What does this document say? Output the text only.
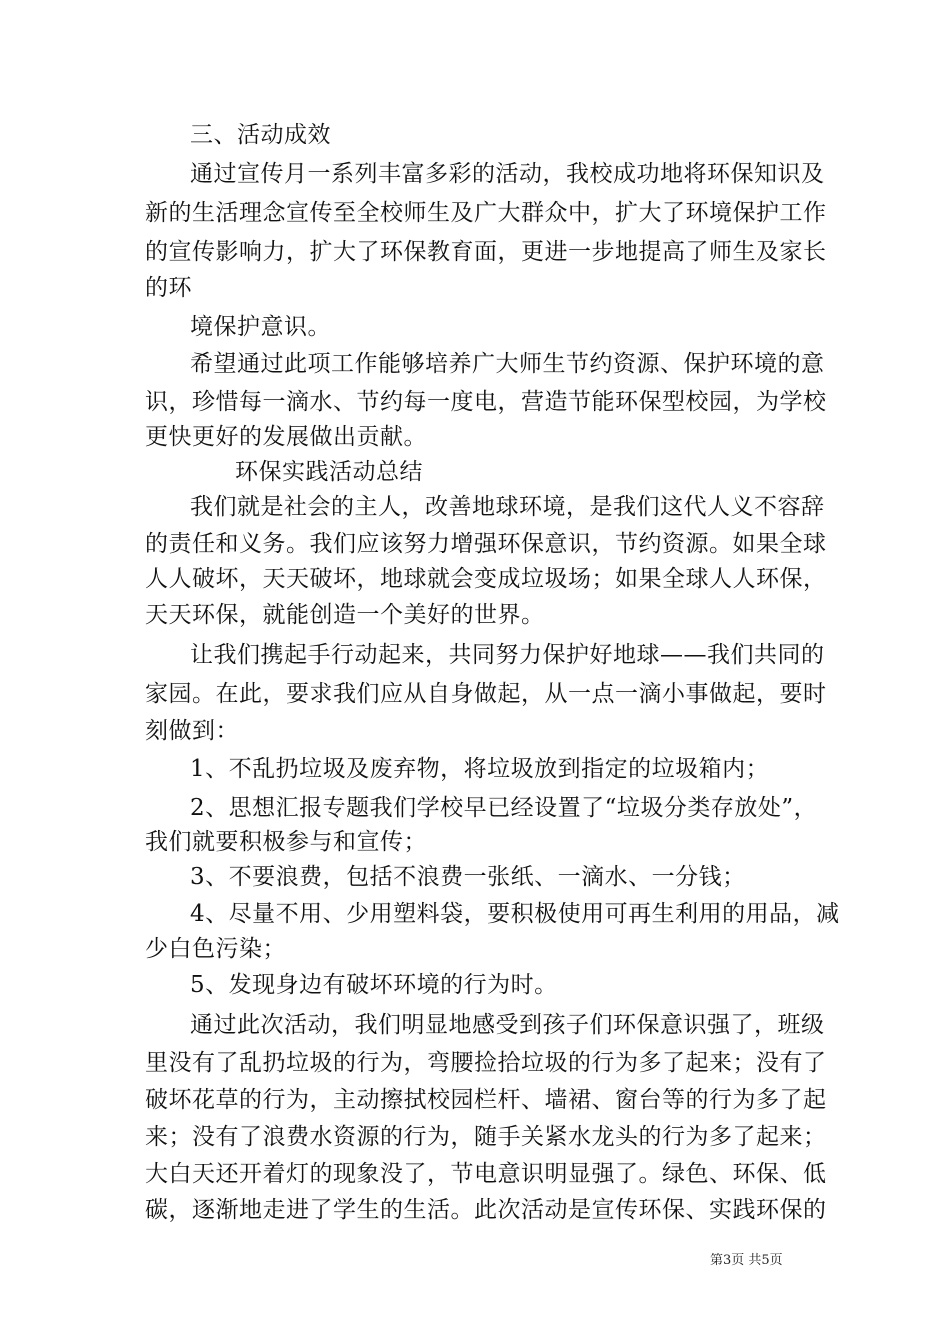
三、活动成效
通过宣传月一系列丰富多彩的活动，我校成功地将环保知识及
新的生活理念宣传至全校师生及广大群众中，扩大了环境保护工作
的宣传影响力，扩大了环保教育面，更进一步地提高了师生及家长
的环
境保护意识。
希望通过此项工作能够培养广大师生节约资源、保护环境的意
识，珍惜每一滴水、节约每一度电，营造节能环保型校园，为学校
更快更好的发展做出贡献。
环保实践活动总结
我们就是社会的主人，改善地球环境，是我们这代人义不容辞
的责任和义务。我们应该努力增强环保意识，节约资源。如果全球
人人破坏，天天破坏，地球就会变成垃圾场；如果全球人人环保，
天天环保，就能创造一个美好的世界。
让我们携起手行动起来，共同努力保护好地球——我们共同的
家园。在此，要求我们应从自身做起，从一点一滴小事做起，要时
刻做到：
1、不乱扔垃圾及废弃物，将垃圾放到指定的垃圾箱内；
2、思想汇报专题我们学校早已经设置了“垃圾分类存放处”，
我们就要积极参与和宣传；
3、不要浪费，包括不浪费一张纸、一滴水、一分钱；
4、尽量不用、少用塑料袋，要积极使用可再生利用的用品，减
少白色污染；
5、发现身边有破坏环境的行为时。
通过此次活动，我们明显地感受到孩子们环保意识强了，班级
里没有了乱扔垃圾的行为，弯腰捡拾垃圾的行为多了起来；没有了
破坏花草的行为，主动擦拭校园栏杆、墙裙、窗台等的行为多了起
来；没有了浪费水资源的行为，随手关紧水龙头的行为多了起来；
大白天还开着灯的现象没了，节电意识明显强了。绿色、环保、低
碳，逐渐地走进了学生的生活。此次活动是宣传环保、实践环保的
第3页 共5页
